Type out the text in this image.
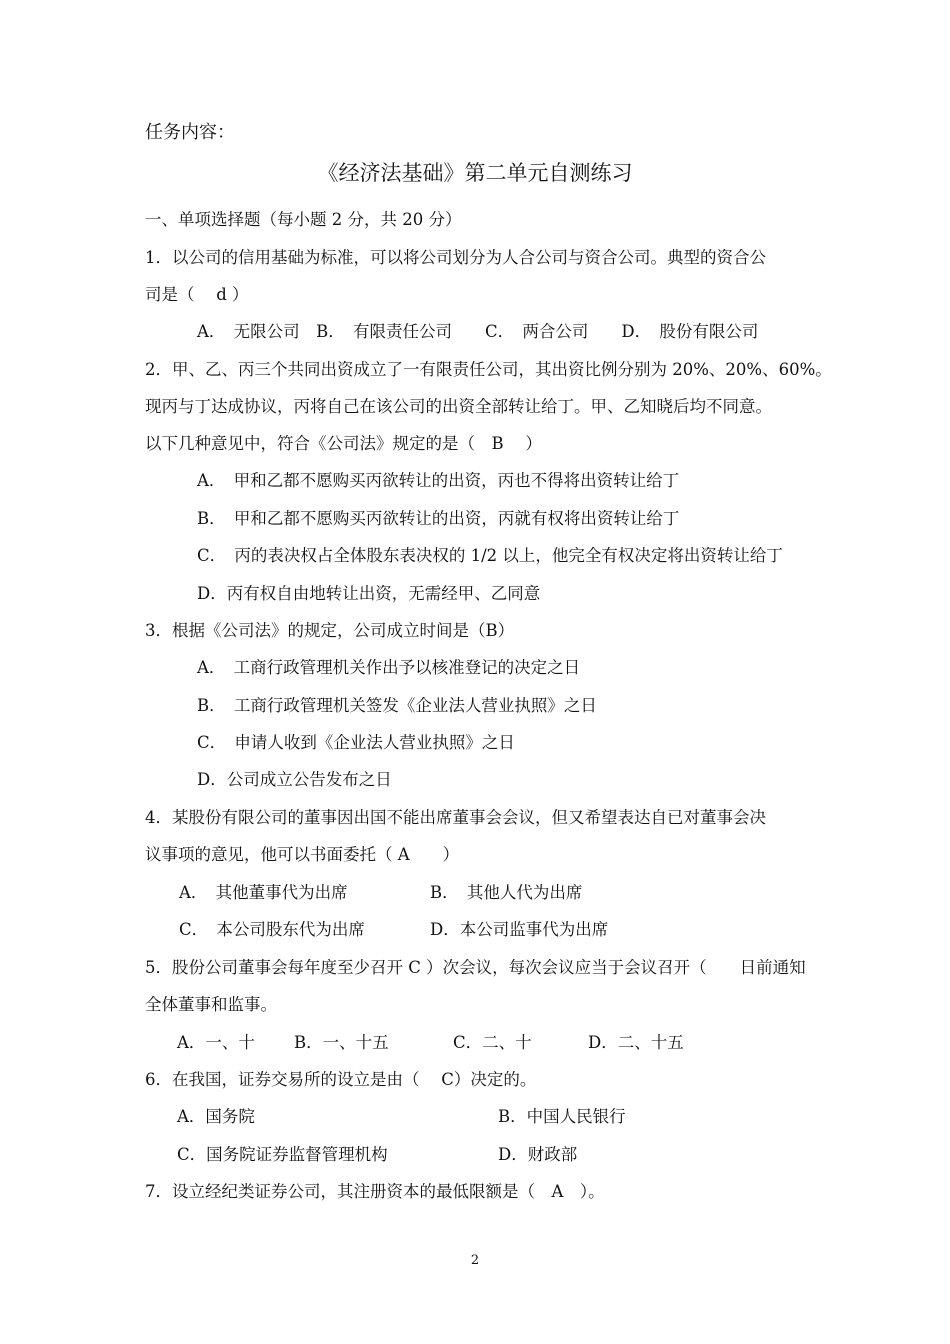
任务内容：
《经济法基础》第二单元自测练习
一、单项选择题（每小题 2 分，共 20 分）
1．以公司的信用基础为标准，可以将公司划分为人合公司与资合公司。典型的资合公
司是（　 d ）
A．　无限公司　B．　有限责任公司　　C．　两合公司　　D．　股份有限公司
2．甲、乙、丙三个共同出资成立了一有限责任公司，其出资比例分别为 20%、20%、60%。
现丙与丁达成协议，丙将自己在该公司的出资全部转让给丁。甲、乙知晓后均不同意。
以下几种意见中，符合《公司法》规定的是（　B　 ）
A．　甲和乙都不愿购买丙欲转让的出资，丙也不得将出资转让给丁
B．　甲和乙都不愿购买丙欲转让的出资，丙就有权将出资转让给丁
C．　丙的表决权占全体股东表决权的 1/2 以上，他完全有权决定将出资转让给丁
D．丙有权自由地转让出资，无需经甲、乙同意
3．根据《公司法》的规定，公司成立时间是（B）
A．　工商行政管理机关作出予以核准登记的决定之日
B．　工商行政管理机关签发《企业法人营业执照》之日
C．　申请人收到《企业法人营业执照》之日
D．公司成立公告发布之日
4．某股份有限公司的董事因出国不能出席董事会会议，但又希望表达自已对董事会决
议事项的意见，他可以书面委托（ A　　）
A．　其他董事代为出席	B．　其他人代为出席
C．　本公司股东代为出席	D．本公司监事代为出席
5．股份公司董事会每年度至少召开 C ）次会议，每次会议应当于会议召开（　　日前通知
全体董事和监事。
A．一、十 B．一、十五	C．二、十	D．二、十五
6．在我国，证券交易所的设立是由（　 C）决定的。
A．国务院	B．中国人民银行
C．国务院证券监督管理机构	D．财政部
7．设立经纪类证券公司，其注册资本的最低限额是（　A　）。
2
